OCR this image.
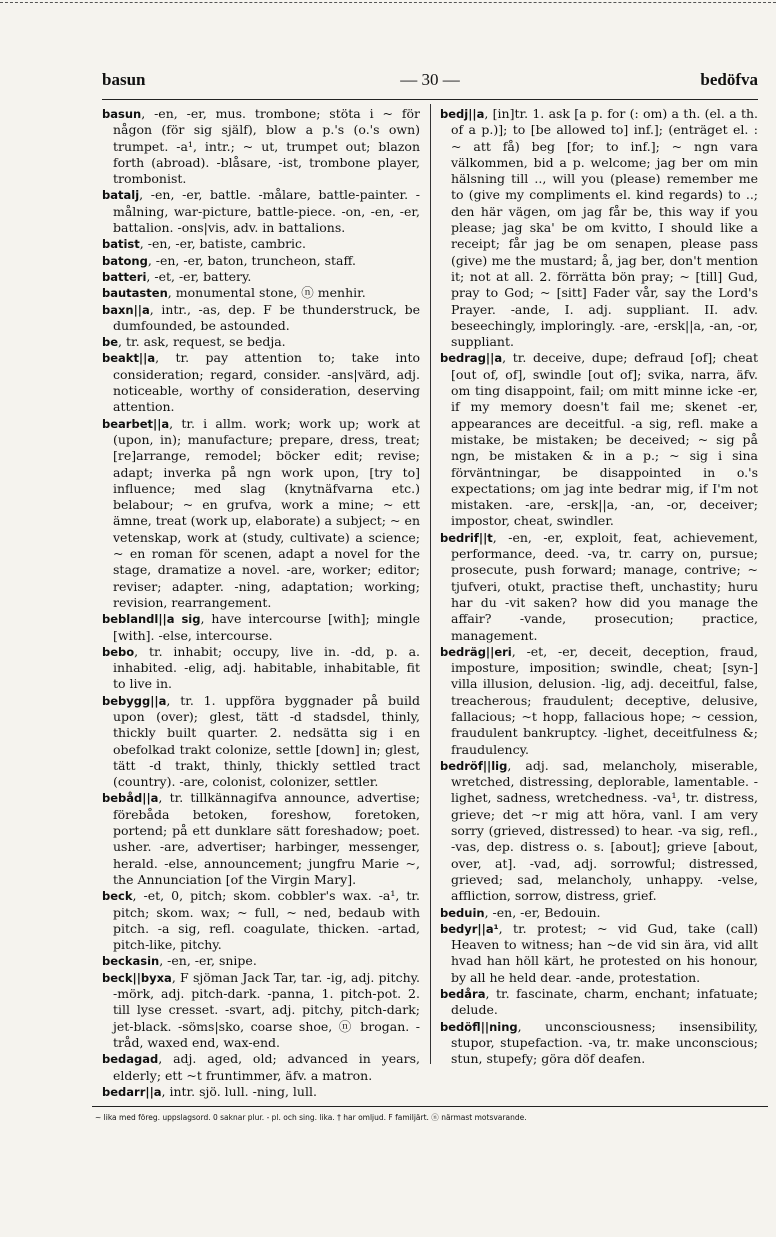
basun	— 30 —	bedöfva

basun, -en, -er, mus. trombone; stöta i ~ för någon (för sig själf), blow a p.'s (o.'s own) trumpet. -a¹, intr.; ~ ut, trumpet out; blazon forth (abroad). -blåsare, -ist, trombone player, trombonist.

batalj, -en, -er, battle. -målare, battle-painter. -målning, war-picture, battle-piece. -on, -en, -er, battalion. -ons|vis, adv. in battalions.

batist, -en, -er, batiste, cambric.

batong, -en, -er, baton, truncheon, staff.

batteri, -et, -er, battery.

bautasten, monumental stone, ⓝ menhir.

baxn||a, intr., -as, dep. F be thunderstruck, be dumfounded, be astounded.

be, tr. ask, request, se bedja.

beakt||a, tr. pay attention to; take into consideration; regard, consider. -ans|värd, adj. noticeable, worthy of consideration, deserving attention.

bearbet||a, tr. i allm. work; work up; work at (upon, in); manufacture; prepare, dress, treat; [re]arrange, remodel; böcker edit; revise; adapt; inverka på ngn work upon, [try to] influence; med slag (knytnäfvarna etc.) belabour; ~ en grufva, work a mine; ~ ett ämne, treat (work up, elaborate) a subject; ~ en vetenskap, work at (study, cultivate) a science; ~ en roman för scenen, adapt a novel for the stage, dramatize a novel. -are, worker; editor; reviser; adapter. -ning, adaptation; working; revision, rearrangement.

beblandl||a sig, have intercourse [with]; mingle [with]. -else, intercourse.

bebo, tr. inhabit; occupy, live in. -dd, p. a. inhabited. -elig, adj. habitable, inhabitable, fit to live in.

bebygg||a, tr. 1. uppföra byggnader på build upon (over); glest, tätt -d stadsdel, thinly, thickly built quarter. 2. nedsätta sig i en obefolkad trakt colonize, settle [down] in; glest, tätt -d trakt, thinly, thickly settled tract (country). -are, colonist, colonizer, settler.

bebåd||a, tr. tillkännagifva announce, advertise; förebåda betoken, foreshow, foretoken, portend; på ett dunklare sätt foreshadow; poet. usher. -are, advertiser; harbinger, messenger, herald. -else, announcement; jungfru Marie ~, the Annunciation [of the Virgin Mary].

beck, -et, 0, pitch; skom. cobbler's wax. -a¹, tr. pitch; skom. wax; ~ full, ~ ned, bedaub with pitch. -a sig, refl. coagulate, thicken. -artad, pitch-like, pitchy.

beckasin, -en, -er, snipe.

beck||byxa, F sjöman Jack Tar, tar. -ig, adj. pitchy. -mörk, adj. pitch-dark. -panna, 1. pitch-pot. 2. till lyse cresset. -svart, adj. pitchy, pitch-dark; jet-black. -söms|sko, coarse shoe, ⓝ brogan. -tråd, waxed end, wax-end.

bedagad, adj. aged, old; advanced in years, elderly; ett ~t fruntimmer, äfv. a matron.

bedarr||a, intr. sjö. lull. -ning, lull.

bedj||a, [in]tr. 1. ask [a p. for (: om) a th. (el. a th. of a p.)]; to [be allowed to] inf.]; (enträget el. : ~ att få) beg [for; to inf.]; ~ ngn vara välkommen, bid a p. welcome; jag ber om min hälsning till .., will you (please) remember me to (give my compliments el. kind regards) to ..; den här vägen, om jag får be, this way if you please; jag ska' be om kvitto, I should like a receipt; får jag be om senapen, please pass (give) me the mustard; å, jag ber, don't mention it; not at all. 2. förrätta bön pray; ~ [till] Gud, pray to God; ~ [sitt] Fader vår, say the Lord's Prayer. -ande, I. adj. suppliant. II. adv. beseechingly, imploringly. -are, -ersk||a, -an, -or, suppliant.

bedrag||a, tr. deceive, dupe; defraud [of]; cheat [out of, of], swindle [out of]; svika, narra, äfv. om ting disappoint, fail; om mitt minne icke -er, if my memory doesn't fail me; skenet -er, appearances are deceitful. -a sig, refl. make a mistake, be mistaken; be deceived; ~ sig på ngn, be mistaken & in a p.; ~ sig i sina förväntningar, be disappointed in o.'s expectations; om jag inte bedrar mig, if I'm not mistaken. -are, -ersk||a, -an, -or, deceiver; impostor, cheat, swindler.

bedrif||t, -en, -er, exploit, feat, achievement, performance, deed. -va, tr. carry on, pursue; prosecute, push forward; manage, contrive; ~ tjufveri, otukt, practise theft, unchastity; huru har du -vit saken? how did you manage the affair? -vande, prosecution; practice, management.

bedräg||eri, -et, -er, deceit, deception, fraud, imposture, imposition; swindle, cheat; [syn-] villa illusion, delusion. -lig, adj. deceitful, false, treacherous; fraudulent; deceptive, delusive, fallacious; ~t hopp, fallacious hope; ~ cession, fraudulent bankruptcy. -lighet, deceitfulness &; fraudulency.

bedröf||lig, adj. sad, melancholy, miserable, wretched, distressing, deplorable, lamentable. -lighet, sadness, wretchedness. -va¹, tr. distress, grieve; det ~r mig att höra, vanl. I am very sorry (grieved, distressed) to hear. -va sig, refl., -vas, dep. distress o. s. [about]; grieve [about, over, at]. -vad, adj. sorrowful; distressed, grieved; sad, melancholy, unhappy. -velse, affliction, sorrow, distress, grief.

beduin, -en, -er, Bedouin.

bedyr||a¹, tr. protest; ~ vid Gud, take (call) Heaven to witness; han ~de vid sin ära, vid allt hvad han höll kärt, he protested on his honour, by all he held dear. -ande, protestation.

bedåra, tr. fascinate, charm, enchant; infatuate; delude.

bedöfl||ning, unconsciousness; insensibility, stupor, stupefaction. -va, tr. make unconscious; stun, stupefy; göra döf deafen.

~ lika med föreg. uppslagsord. 0 saknar plur. - pl. och sing. lika. † har omljud. F familjärt. ⓝ närmast motsvarande.
